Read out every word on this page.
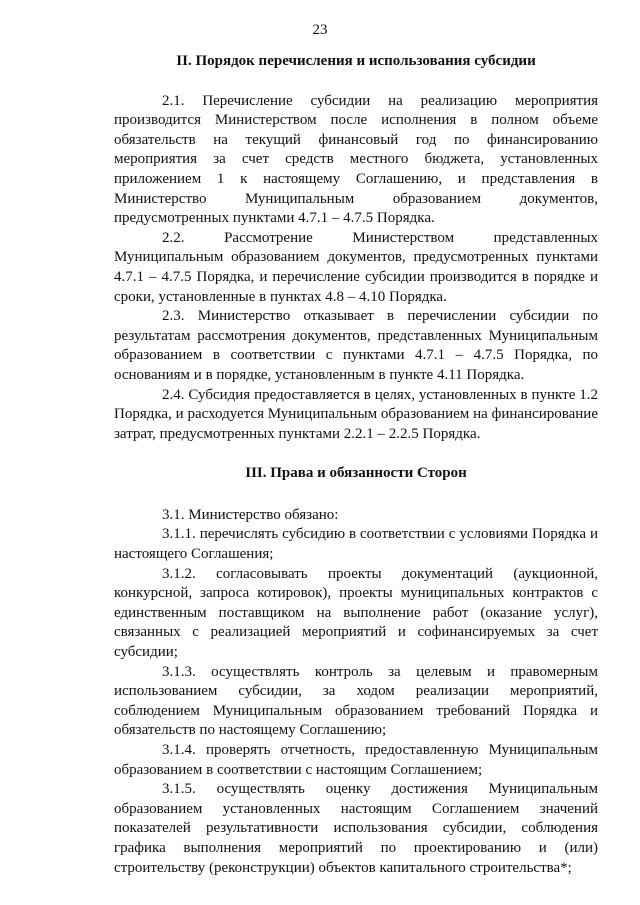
23
II. Порядок перечисления и использования субсидии

2.1. Перечисление субсидии на реализацию мероприятия производится Министерством после исполнения в полном объеме обязательств на текущий финансовый год по финансированию мероприятия за счет средств местного бюджета, установленных приложением 1 к настоящему Соглашению, и представления в Министерство Муниципальным образованием документов, предусмотренных пунктами 4.7.1 – 4.7.5 Порядка.

2.2. Рассмотрение Министерством представленных Муниципальным образованием документов, предусмотренных пунктами 4.7.1 – 4.7.5 Порядка, и перечисление субсидии производится в порядке и сроки, установленные в пунктах 4.8 – 4.10 Порядка.

2.3. Министерство отказывает в перечислении субсидии по результатам рассмотрения документов, представленных Муниципальным образованием в соответствии с пунктами 4.7.1 – 4.7.5 Порядка, по основаниям и в порядке, установленным в пункте 4.11 Порядка.

2.4. Субсидия предоставляется в целях, установленных в пункте 1.2 Порядка, и расходуется Муниципальным образованием на финансирование затрат, предусмотренных пунктами 2.2.1 – 2.2.5 Порядка.

III. Права и обязанности Сторон

3.1. Министерство обязано:

3.1.1. перечислять субсидию в соответствии с условиями Порядка и настоящего Соглашения;

3.1.2. согласовывать проекты документаций (аукционной, конкурсной, запроса котировок), проекты муниципальных контрактов с единственным поставщиком на выполнение работ (оказание услуг), связанных с реализацией мероприятий и софинансируемых за счет субсидии;

3.1.3. осуществлять контроль за целевым и правомерным использованием субсидии, за ходом реализации мероприятий, соблюдением Муниципальным образованием требований Порядка и обязательств по настоящему Соглашению;

3.1.4. проверять отчетность, предоставленную Муниципальным образованием в соответствии с настоящим Соглашением;

3.1.5. осуществлять оценку достижения Муниципальным образованием установленных настоящим Соглашением значений показателей результативности использования субсидии, соблюдения графика выполнения мероприятий по проектированию и (или) строительству (реконструкции) объектов капитального строительства*;
